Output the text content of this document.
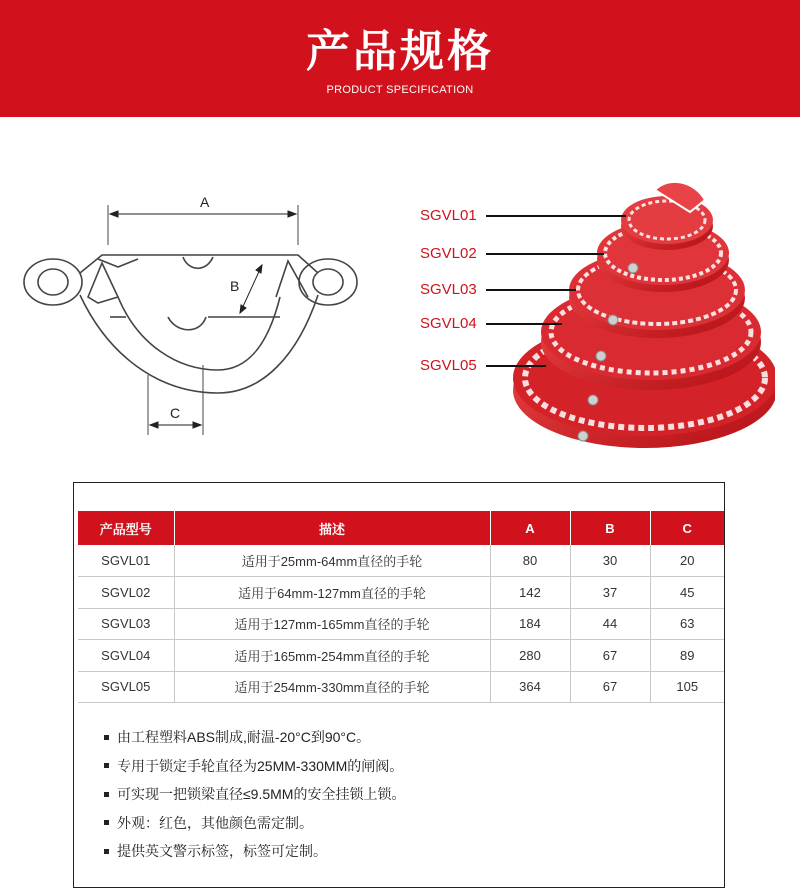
产品规格
PRODUCT SPECIFICATION
A
B
C
SGVL01
SGVL02
SGVL03
SGVL04
SGVL05
产品型号	描述	A	B	C
SGVL01	适用于25mm-64mm直径的手轮	80	30	20
SGVL02	适用于64mm-127mm直径的手轮	142	37	45
SGVL03	适用于127mm-165mm直径的手轮	184	44	63
SGVL04	适用于165mm-254mm直径的手轮	280	67	89
SGVL05	适用于254mm-330mm直径的手轮	364	67	105
由工程塑料ABS制成,耐温-20°C到90°C。
专用于锁定手轮直径为25MM-330MM的闸阀。
可实现一把锁梁直径≤9.5MM的安全挂锁上锁。
外观：红色，其他颜色需定制。
提供英文警示标签，标签可定制。
